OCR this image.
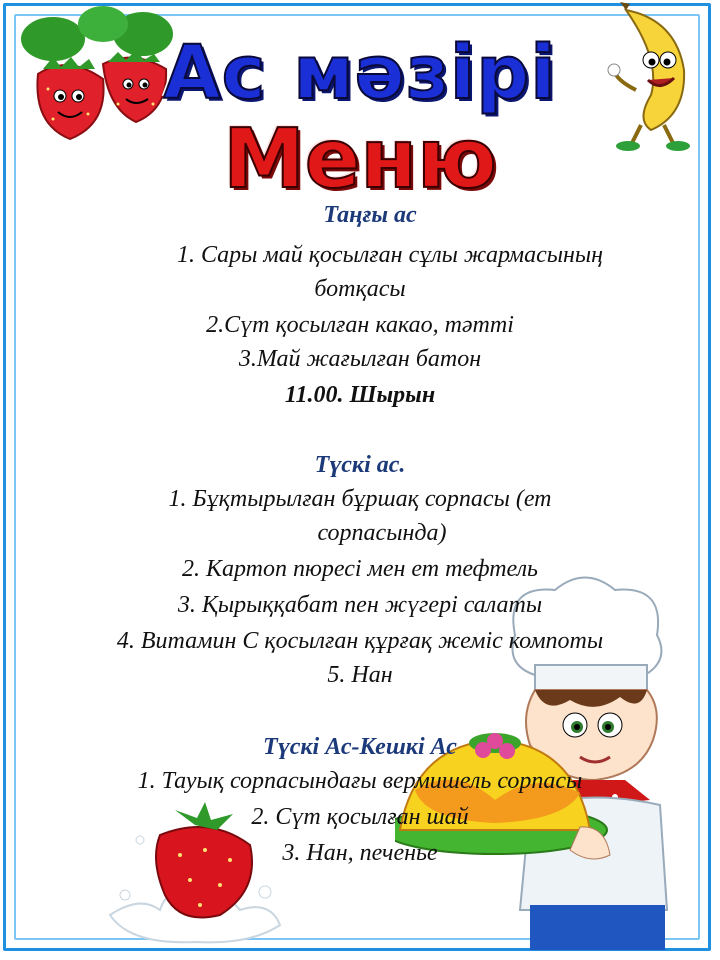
Ас мәзірі
Меню
Таңғы ас
1. Сары май қосылған сұлы жармасының
ботқасы
2.Сүт қосылған какао, тәтті
3.Май жағылған батон
11.00. Шырын
Түскі ас.
1. Бұқтырылған бұршақ сорпасы (ет
сорпасында)
2. Картоп пюресі мен ет тефтель
3. Қырыққабат пен жүгері салаты
4. Витамин С қосылған құрғақ жеміс компоты
5. Нан
Түскі Ас-Кешкі Ас
1. Тауық сорпасындағы вермишель сорпасы
2. Сүт қосылған шай
3. Нан, печенье
